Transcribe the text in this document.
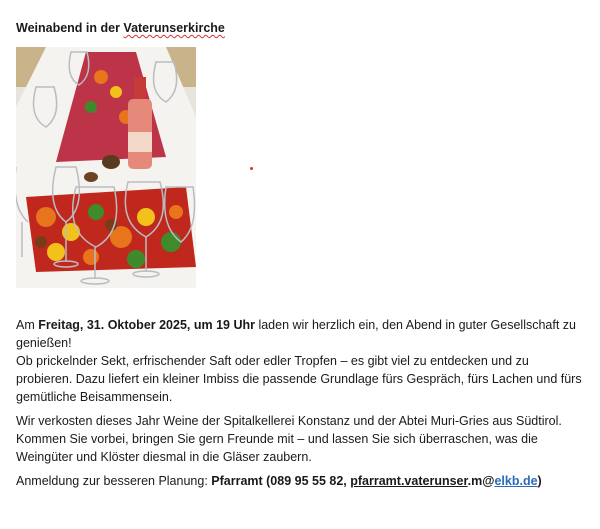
Weinabend in der Vaterunserkirche

Am Freitag, 31. Oktober 2025, um 19 Uhr laden wir herzlich ein, den Abend in guter Gesellschaft zu genießen!
Ob prickelnder Sekt, erfrischender Saft oder edler Tropfen – es gibt viel zu entdecken und zu probieren. Dazu liefert ein kleiner Imbiss die passende Grundlage fürs Gespräch, fürs Lachen und fürs gemütliche Beisammensein.

Wir verkosten dieses Jahr Weine der Spitalkellerei Konstanz und der Abtei Muri-Gries aus Südtirol.
Kommen Sie vorbei, bringen Sie gern Freunde mit – und lassen Sie sich überraschen, was die Weingüter und Klöster diesmal in die Gläser zaubern.

Anmeldung zur besseren Planung: Pfarramt (089 95 55 82, pfarramt.vaterunser.m@elkb.de)
